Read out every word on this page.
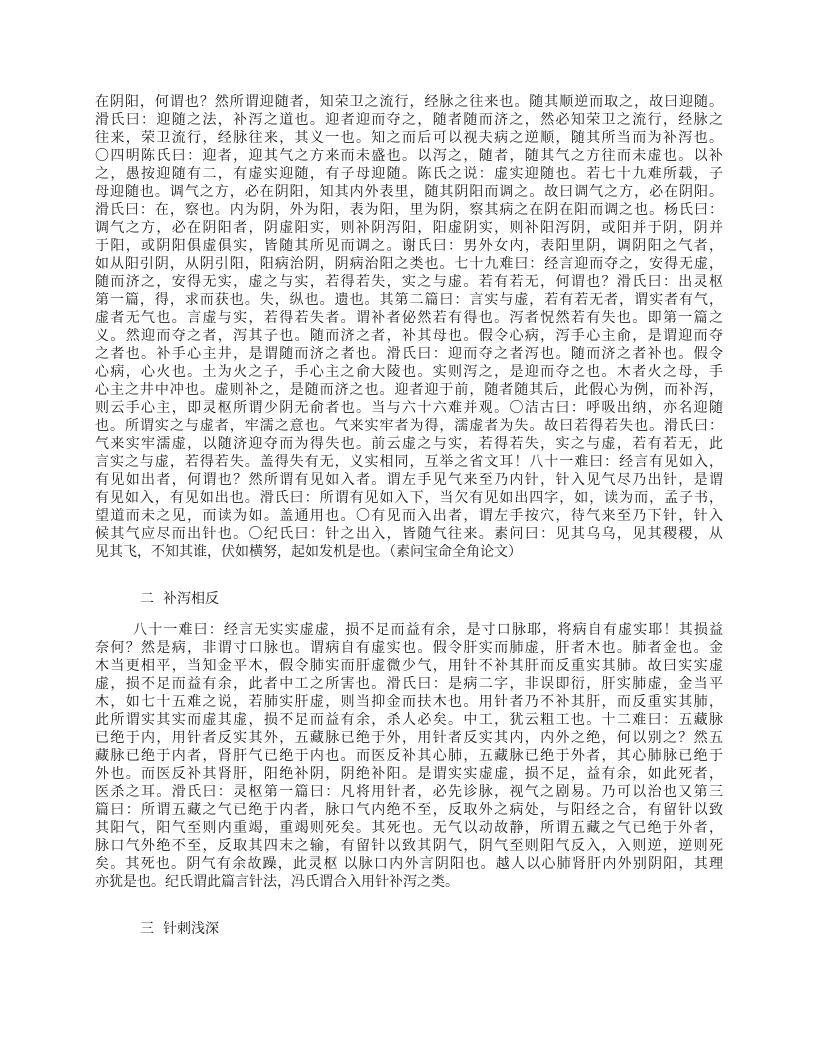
在阴阳，何谓也？然所谓迎随者，知荣卫之流行，经脉之往来也。随其顺逆而取之，故曰迎随。
滑氏曰：迎随之法，补泻之道也。迎者迎而夺之，随者随而济之，然必知荣卫之流行，经脉之
往来，荣卫流行，经脉往来，其义一也。知之而后可以视夫病之逆顺，随其所当而为补泻也。
〇四明陈氏曰：迎者，迎其气之方来而未盛也。以泻之，随者，随其气之方往而未虚也。以补
之，愚按迎随有二，有虚实迎随，有子母迎随。陈氏之说：虚实迎随也。若七十九难所载，子
母迎随也。调气之方，必在阴阳，知其内外表里，随其阴阳而调之。故曰调气之方，必在阴阳。
滑氏曰：在，察也。内为阴，外为阳，表为阳，里为阴，察其病之在阴在阳而调之也。杨氏曰：
调气之方，必在阴阳者，阴虚阳实，则补阴泻阳，阳虚阴实，则补阳泻阴，或阳并于阴，阴并
于阳，或阴阳俱虚俱实，皆随其所见而调之。谢氏曰：男外女内，表阳里阴，调阴阳之气者，
如从阳引阴，从阴引阳，阳病治阴，阴病治阳之类也。七十九难曰：经言迎而夺之，安得无虚，
随而济之，安得无实，虚之与实，若得若失，实之与虚。若有若无，何谓也？滑氏曰：出灵枢
第一篇，得，求而获也。失，纵也。遗也。其第二篇曰：言实与虚，若有若无者，谓实者有气，
虚者无气也。言虚与实，若得若失者。谓补者佖然若有得也。泻者怳然若有失也。即第一篇之
义。然迎而夺之者，泻其子也。随而济之者，补其母也。假令心病，泻手心主俞，是谓迎而夺
之者也。补手心主井，是谓随而济之者也。滑氏曰：迎而夺之者泻也。随而济之者补也。假令
心病，心火也。土为火之子，手心主之俞大陵也。实则泻之，是迎而夺之也。木者火之母，手
心主之井中冲也。虚则补之，是随而济之也。迎者迎于前，随者随其后，此假心为例，而补泻，
则云手心主，即灵枢所谓少阴无俞者也。当与六十六难并观。〇洁古曰：呼吸出纳，亦名迎随
也。所谓实之与虚者，牢濡之意也。气来实牢者为得，濡虚者为失。故曰若得若失也。滑氏曰：
气来实牢濡虚，以随济迎夺而为得失也。前云虚之与实，若得若失，实之与虚，若有若无，此
言实之与虚，若得若失。盖得失有无，义实相同，互举之省文耳！八十一难曰：经言有见如入，
有见如出者，何谓也？然所谓有见如入者。谓左手见气来至乃内针，针入见气尽乃出针，是谓
有见如入，有见如出也。滑氏曰：所谓有见如入下，当欠有见如出四字，如，读为而，孟子书，
望道而未之见，而读为如。盖通用也。〇有见而入出者，谓左手按穴，待气来至乃下针，针入
候其气应尽而出针也。〇纪氏曰：针之出入，皆随气往来。素问曰：见其乌乌，见其稷稷，从
见其飞，不知其谁，伏如横努，起如发机是也。（素问宝命全角论文）
二 补泻相反
八十一难曰：经言无实实虚虚，损不足而益有余，是寸口脉耶，将病自有虚实耶！其损益
奈何？然是病，非谓寸口脉也。谓病自有虚实也。假令肝实而肺虚，肝者木也。肺者金也。金
木当更相平，当知金平木，假令肺实而肝虚微少气，用针不补其肝而反重实其肺。故曰实实虚
虚，损不足而益有余，此者中工之所害也。滑氏曰：是病二字，非误即衍，肝实肺虚，金当平
木，如七十五难之说，若肺实肝虚，则当抑金而扶木也。用针者乃不补其肝，而反重实其肺，
此所谓实其实而虚其虚，损不足而益有余，杀人必矣。中工，犹云粗工也。十二难曰：五藏脉
已绝于内，用针者反实其外，五藏脉已绝于外，用针者反实其内，内外之绝，何以别之？然五
藏脉已绝于内者，肾肝气已绝于内也。而医反补其心肺，五藏脉已绝于外者，其心肺脉已绝于
外也。而医反补其肾肝，阳绝补阴，阴绝补阳。是谓实实虚虚，损不足，益有余，如此死者，
医杀之耳。滑氏曰：灵枢第一篇曰：凡将用针者，必先诊脉，视气之剧易。乃可以治也又第三
篇曰：所谓五藏之气已绝于内者，脉口气内绝不至，反取外之病处，与阳经之合，有留针以致
其阳气，阳气至则内重竭，重竭则死矣。其死也。无气以动故静，所谓五藏之气已绝于外者，
脉口气外绝不至，反取其四末之输，有留针以致其阴气，阴气至则阳气反入，入则逆，逆则死
矣。其死也。阴气有余故躁，此灵枢 以脉口内外言阴阳也。越人以心肺肾肝内外别阴阳，其理
亦犹是也。纪氏谓此篇言针法，冯氏谓合入用针补泻之类。
三 针刺浅深
